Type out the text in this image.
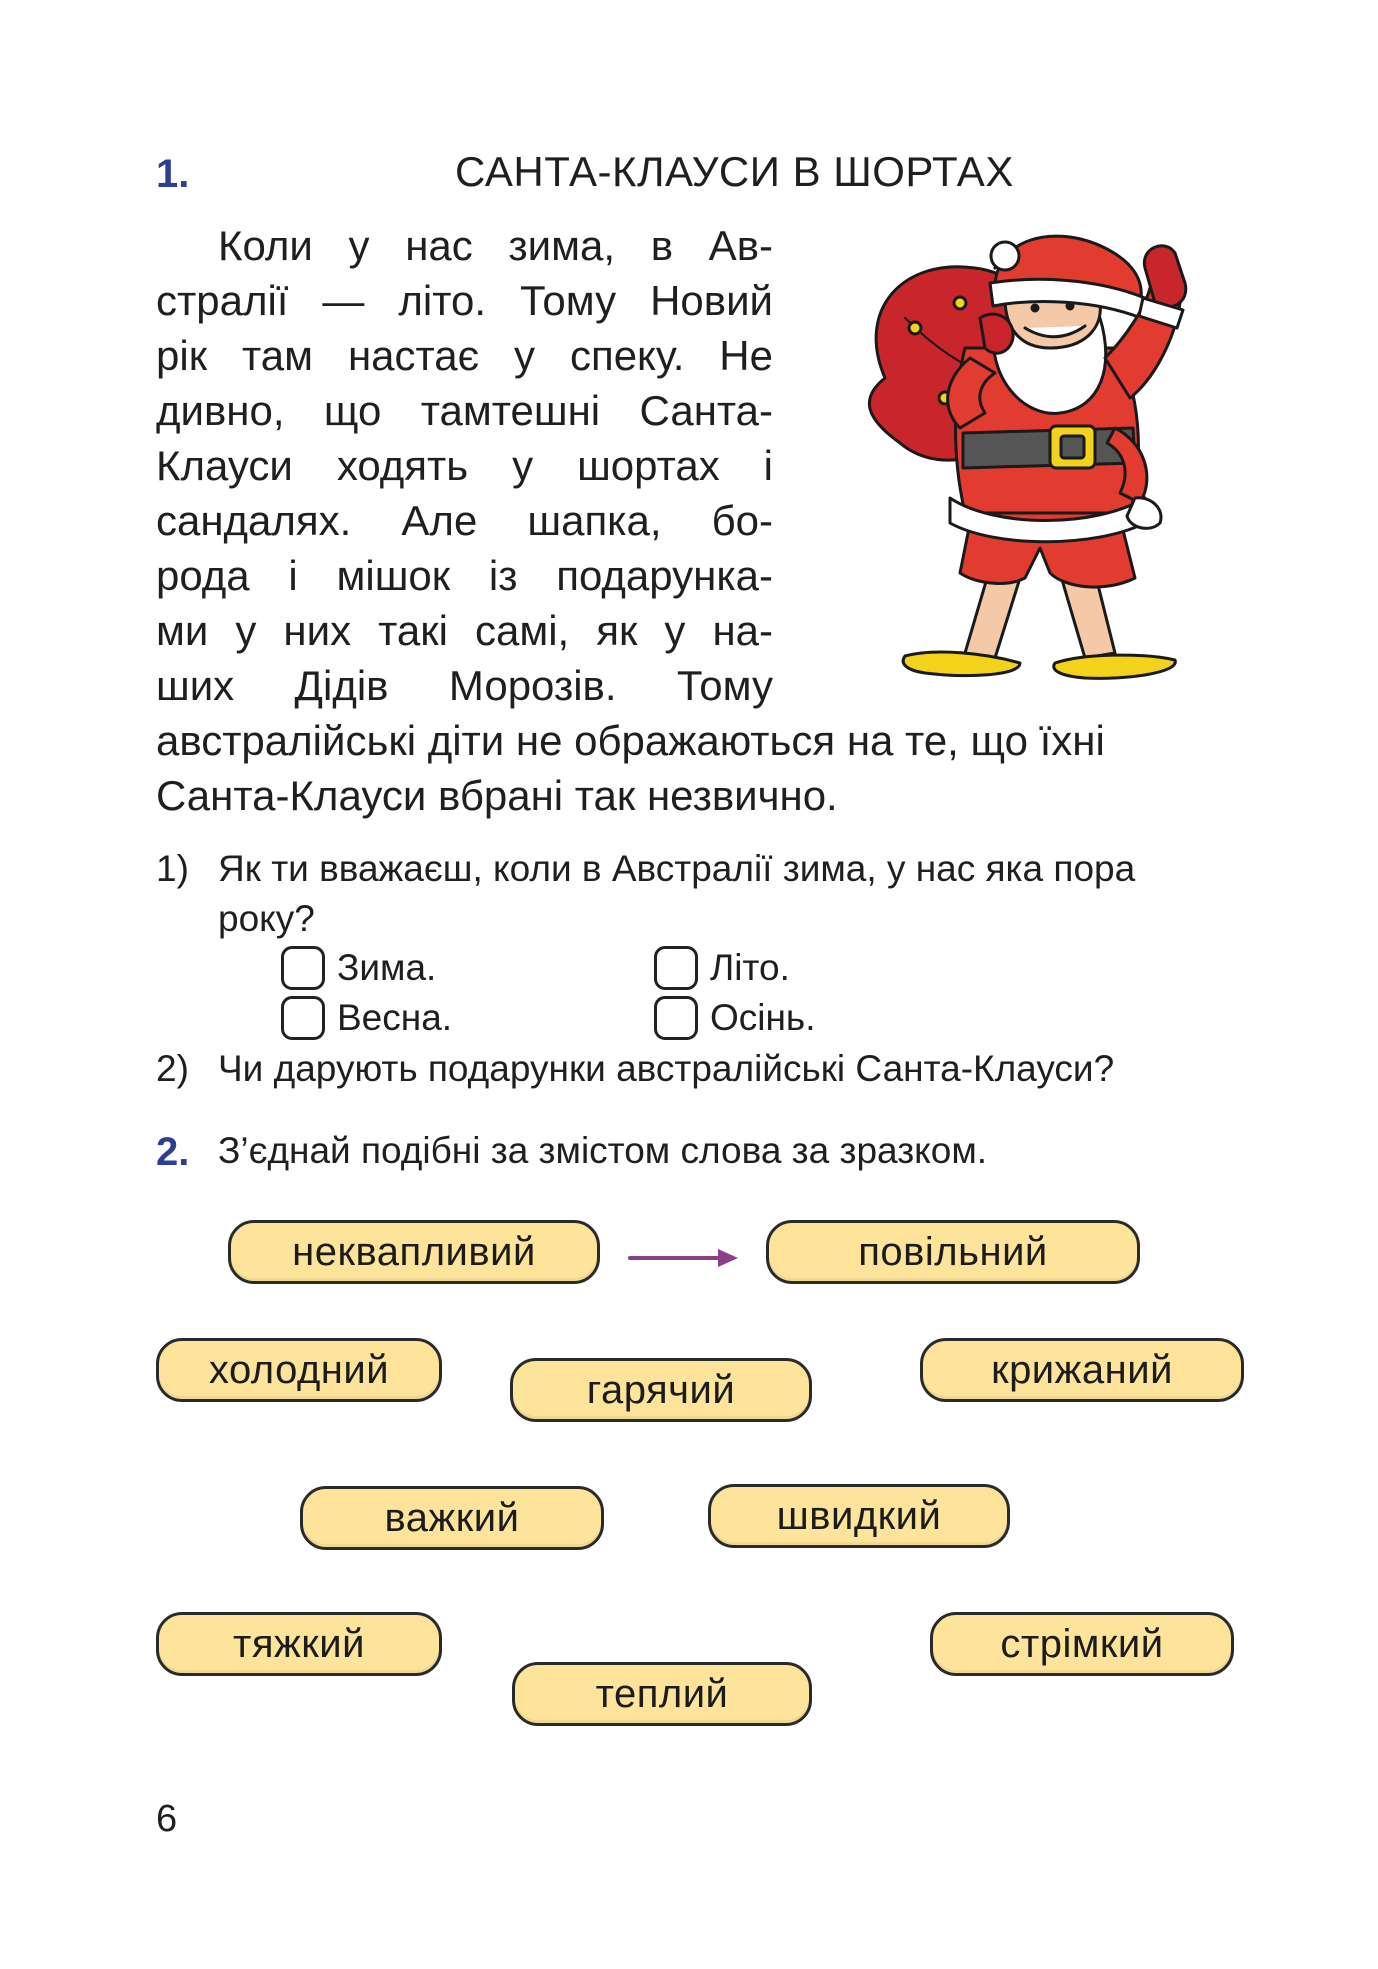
1.	САНТА-КЛАУСИ В ШОРТАХ
Коли у нас зима, в Ав-
стралії — літо. Тому Новий
рік там настає у спеку. Не
дивно, що тамтешні Санта-
Клауси ходять у шортах і
сандалях. Але шапка, бо-
рода і мішок із подарунка-
ми у них такі самі, як у на-
ших Дідів Морозів. Тому
австралійські діти не ображаються на те, що їхні
Санта-Клауси вбрані так незвично.
1) Як ти вважаєш, коли в Австралії зима, у нас яка пора
року?
Зима.	Літо.
Весна.	Осінь.
2) Чи дарують подарунки австралійські Санта-Клауси?
2. З’єднай подібні за змістом слова за зразком.
неквапливий	повільний
холодний	гарячий	крижаний
важкий	швидкий
тяжкий	стрімкий
теплий
6
